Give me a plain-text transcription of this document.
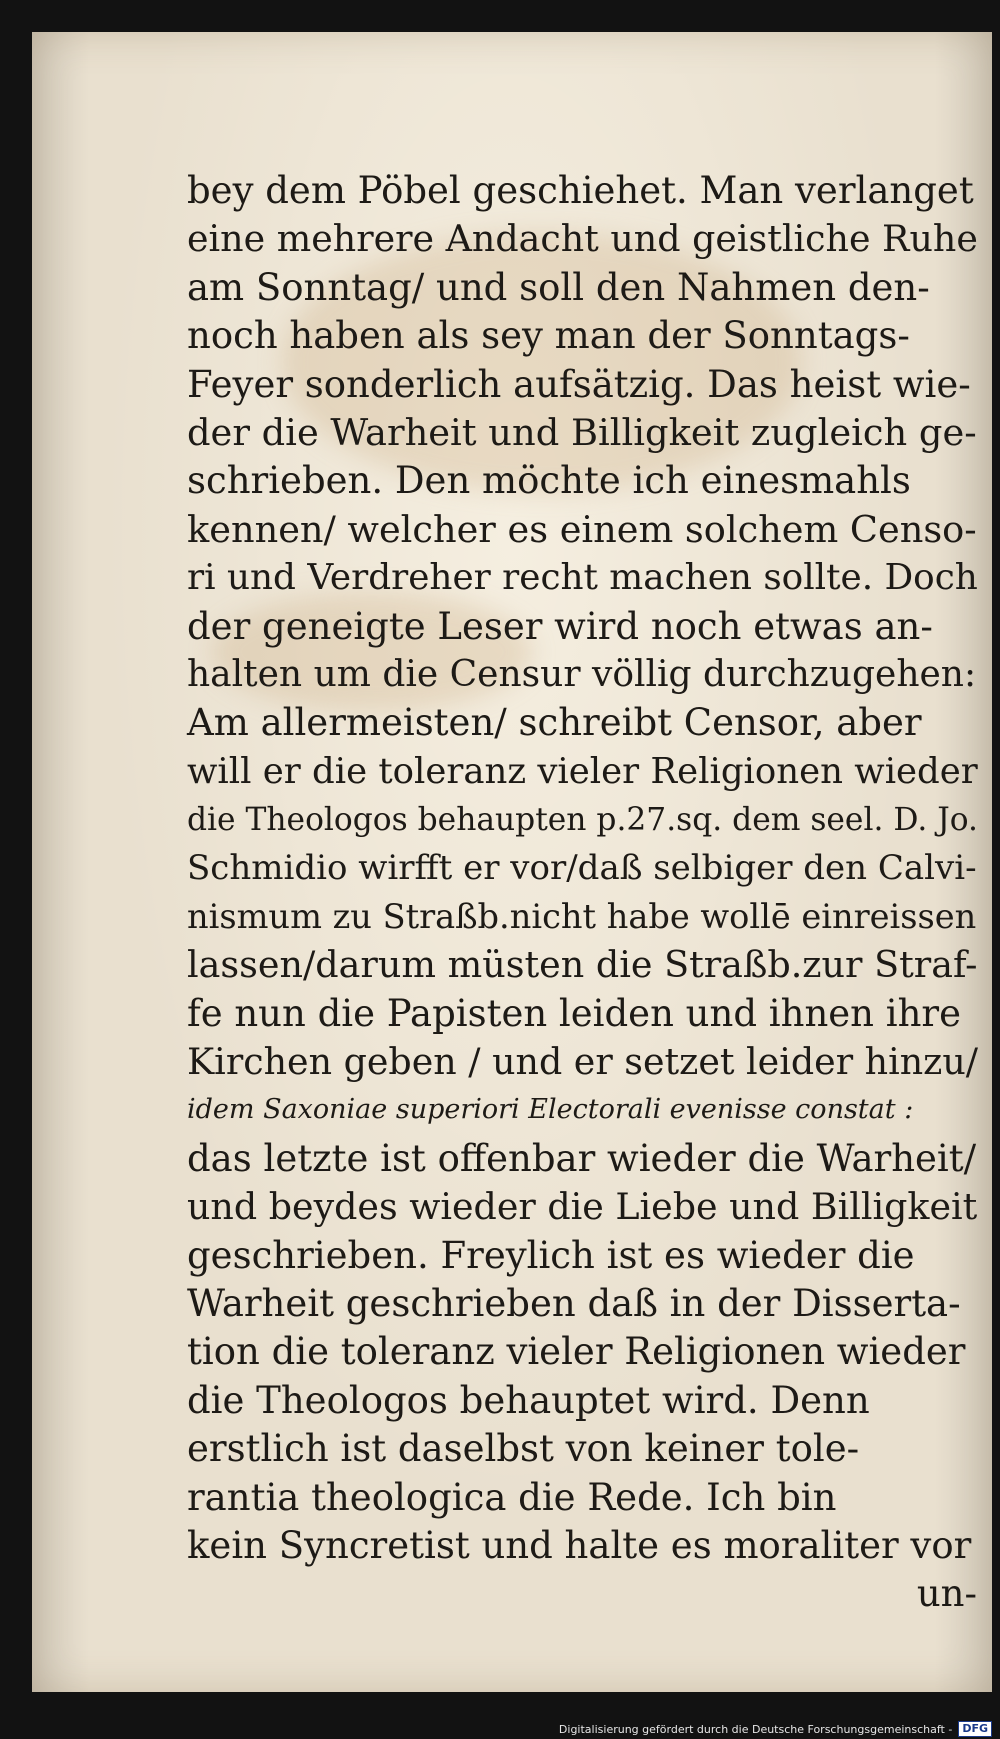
bey dem Pöbel geschiehet. Man verlanget
eine mehrere Andacht und geistliche Ruhe
am Sonntag/ und soll den Nahmen den-
noch haben als sey man der Sonntags-
Feyer sonderlich aufsätzig. Das heist wie-
der die Warheit und Billigkeit zugleich ge-
schrieben. Den möchte ich einesmahls
kennen/ welcher es einem solchem Censo-
ri und Verdreher recht machen sollte. Doch
der geneigte Leser wird noch etwas an-
halten um die Censur völlig durchzugehen:
Am allermeisten/ schreibt Censor, aber
will er die toleranz vieler Religionen wieder
die Theologos behaupten p.27.sq. dem seel. D. Jo.
Schmidio wirfft er vor/daß selbiger den Calvi-
nismum zu Straßb.nicht habe wollē einreissen
lassen/darum müsten die Straßb.zur Straf-
fe nun die Papisten leiden und ihnen ihre
Kirchen geben / und er setzet leider hinzu/
idem Saxoniae superiori Electorali evenisse constat :
das letzte ist offenbar wieder die Warheit/
und beydes wieder die Liebe und Billigkeit
geschrieben. Freylich ist es wieder die
Warheit geschrieben daß in der Disserta-
tion die toleranz vieler Religionen wieder
die Theologos behauptet wird. Denn
erstlich ist daselbst von keiner tole-
rantia theologica die Rede. Ich bin
kein Syncretist und halte es moraliter vor
un-
Digitalisierung gefördert durch die Deutsche Forschungsgemeinschaft - DFG
